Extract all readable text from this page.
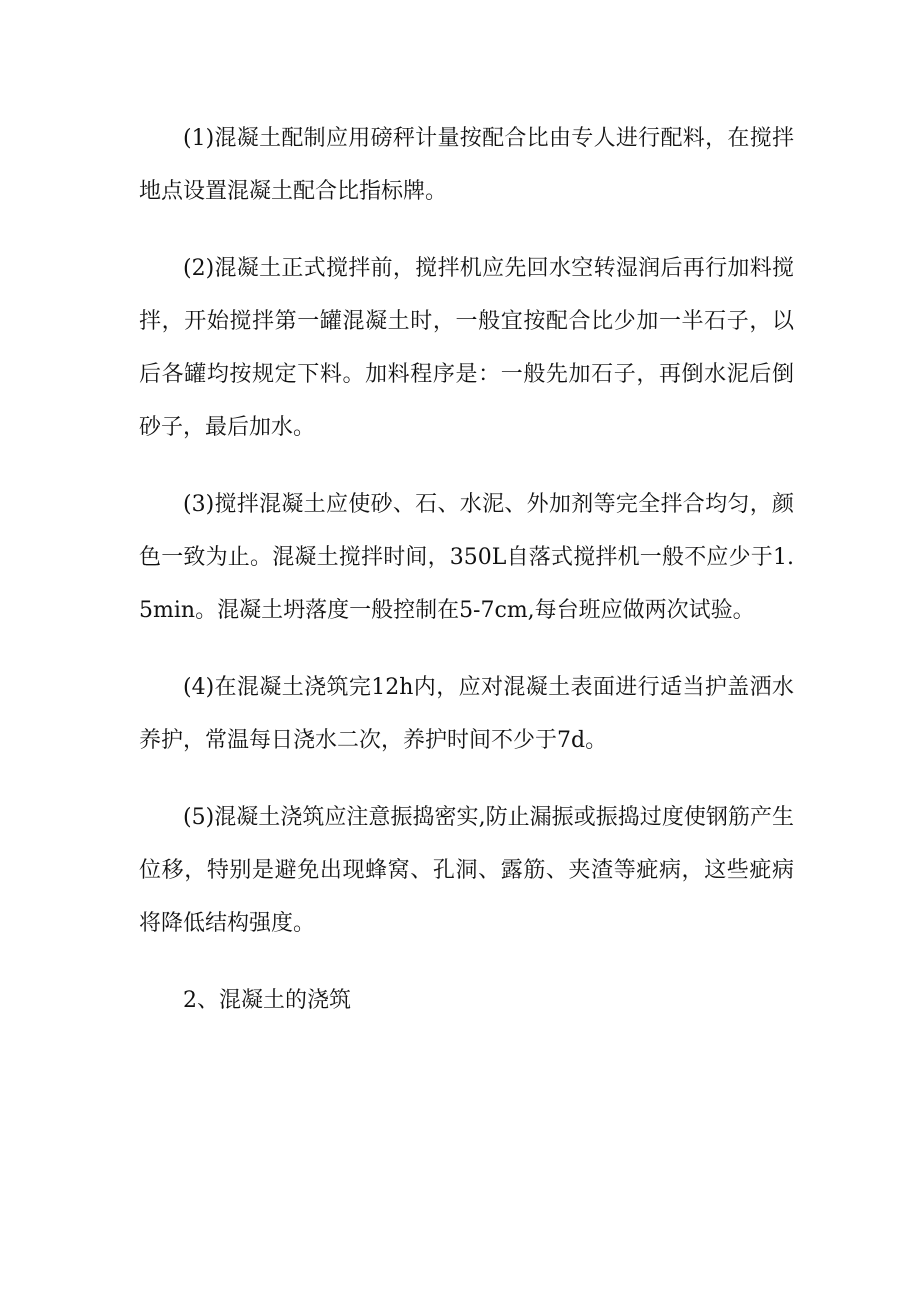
(1)混凝土配制应用磅秤计量按配合比由专人进行配料，在搅拌地点设置混凝土配合比指标牌。

(2)混凝土正式搅拌前，搅拌机应先回水空转湿润后再行加料搅拌，开始搅拌第一罐混凝土时，一般宜按配合比少加一半石子，以后各罐均按规定下料。加料程序是：一般先加石子，再倒水泥后倒砂子，最后加水。

(3)搅拌混凝土应使砂、石、水泥、外加剂等完全拌合均匀，颜色一致为止。混凝土搅拌时间，350L自落式搅拌机一般不应少于1.5min。混凝土坍落度一般控制在5-7cm,每台班应做两次试验。

(4)在混凝土浇筑完12h内，应对混凝土表面进行适当护盖洒水养护，常温每日浇水二次，养护时间不少于7d。

(5)混凝土浇筑应注意振捣密实,防止漏振或振捣过度使钢筋产生位移，特别是避免出现蜂窝、孔洞、露筋、夹渣等疵病，这些疵病将降低结构强度。

2、混凝土的浇筑
